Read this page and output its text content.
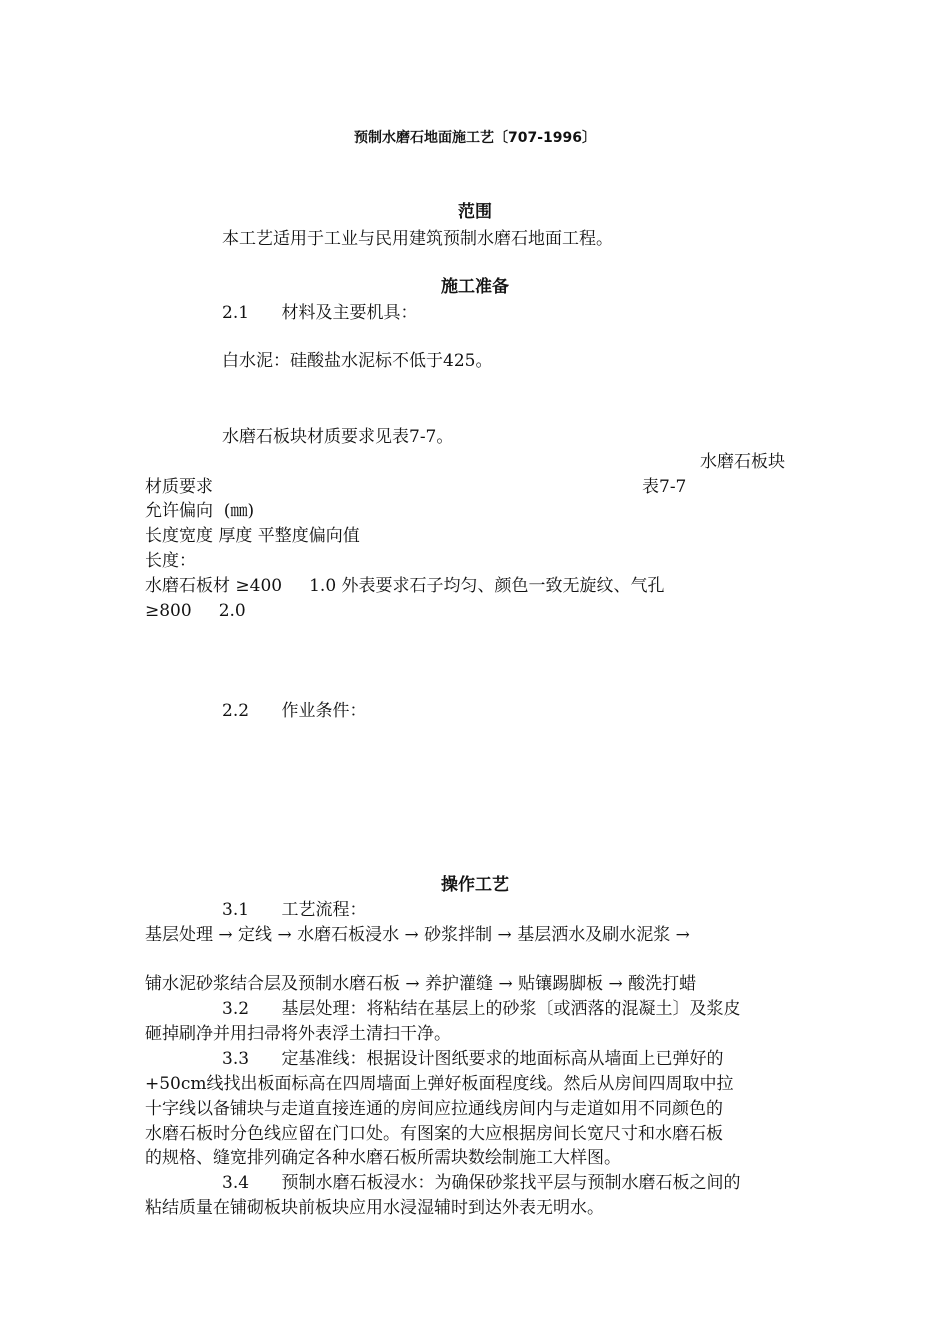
预制水磨石地面施工艺〔707-1996〕
范围
本工艺适用于工业与民用建筑预制水磨石地面工程。
施工准备
2.1      材料及主要机具：
白水泥：硅酸盐水泥标不低于425。
水磨石板块材质要求见表7-7。
水磨石板块
材质要求	表7-7
允许偏向  (㎜)
长度宽度 厚度 平整度偏向值
长度：
水磨石板材 ≥400     1.0 外表要求石子均匀、颜色一致无旋纹、气孔
≥800     2.0
2.2      作业条件：
操作工艺
3.1      工艺流程：
基层处理 → 定线 → 水磨石板浸水 → 砂浆拌制 → 基层洒水及刷水泥浆 →
铺水泥砂浆结合层及预制水磨石板 → 养护灌缝 → 贴镶踢脚板 → 酸洗打蜡
3.2      基层处理：将粘结在基层上的砂浆〔或洒落的混凝土〕及浆皮
砸掉刷净并用扫帚将外表浮土清扫干净。
3.3      定基准线：根据设计图纸要求的地面标高从墙面上已弹好的
+50cm线找出板面标高在四周墙面上弹好板面程度线。然后从房间四周取中拉
十字线以备铺块与走道直接连通的房间应拉通线房间内与走道如用不同颜色的
水磨石板时分色线应留在门口处。有图案的大应根据房间长宽尺寸和水磨石板
的规格、缝宽排列确定各种水磨石板所需块数绘制施工大样图。
3.4      预制水磨石板浸水：为确保砂浆找平层与预制水磨石板之间的
粘结质量在铺砌板块前板块应用水浸湿辅时到达外表无明水。
